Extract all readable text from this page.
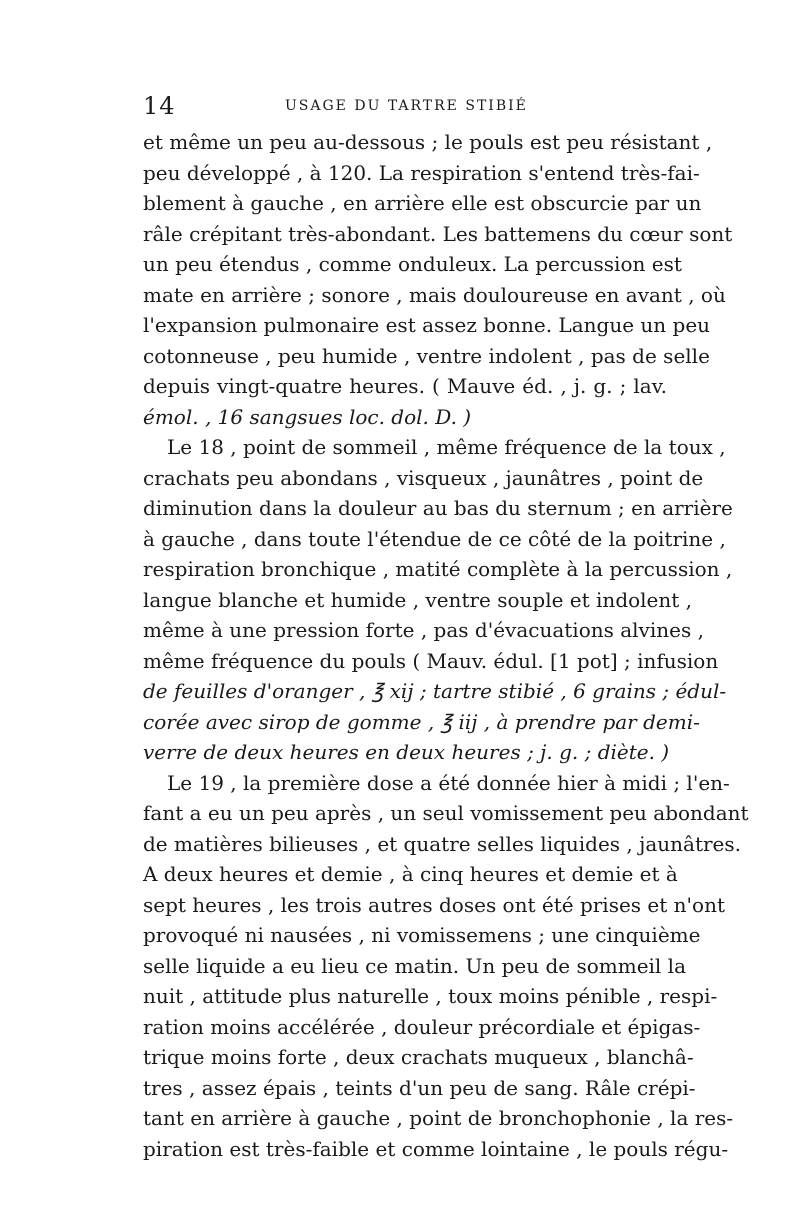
14	USAGE DU TARTRE STIBIÉ
et même un peu au-dessous ; le pouls est peu résistant ,
peu développé , à 120. La respiration s'entend très-fai-
blement à gauche , en arrière elle est obscurcie par un
râle crépitant très-abondant. Les battemens du cœur sont
un peu étendus , comme onduleux. La percussion est
mate en arrière ; sonore , mais douloureuse en avant , où
l'expansion pulmonaire est assez bonne. Langue un peu
cotonneuse , peu humide , ventre indolent , pas de selle
depuis vingt-quatre heures. ( Mauve éd. , j. g. ; lav.
émol. , 16 sangsues loc. dol. D. )
Le 18 , point de sommeil , même fréquence de la toux ,
crachats peu abondans , visqueux , jaunâtres , point de
diminution dans la douleur au bas du sternum ; en arrière
à gauche , dans toute l'étendue de ce côté de la poitrine ,
respiration bronchique , matité complète à la percussion ,
langue blanche et humide , ventre souple et indolent ,
même à une pression forte , pas d'évacuations alvines ,
même fréquence du pouls ( Mauv. édul. [1 pot] ; infusion
de feuilles d'oranger , ℥ xij ; tartre stibié , 6 grains ; édul-
corée avec sirop de gomme , ℥ iij , à prendre par demi-
verre de deux heures en deux heures ; j. g. ; diète. )
Le 19 , la première dose a été donnée hier à midi ; l'en-
fant a eu un peu après , un seul vomissement peu abondant
de matières bilieuses , et quatre selles liquides , jaunâtres.
A deux heures et demie , à cinq heures et demie et à
sept heures , les trois autres doses ont été prises et n'ont
provoqué ni nausées , ni vomissemens ; une cinquième
selle liquide a eu lieu ce matin. Un peu de sommeil la
nuit , attitude plus naturelle , toux moins pénible , respi-
ration moins accélérée , douleur précordiale et épigas-
trique moins forte , deux crachats muqueux , blanchâ-
tres , assez épais , teints d'un peu de sang. Râle crépi-
tant en arrière à gauche , point de bronchophonie , la res-
piration est très-faible et comme lointaine , le pouls régu-
